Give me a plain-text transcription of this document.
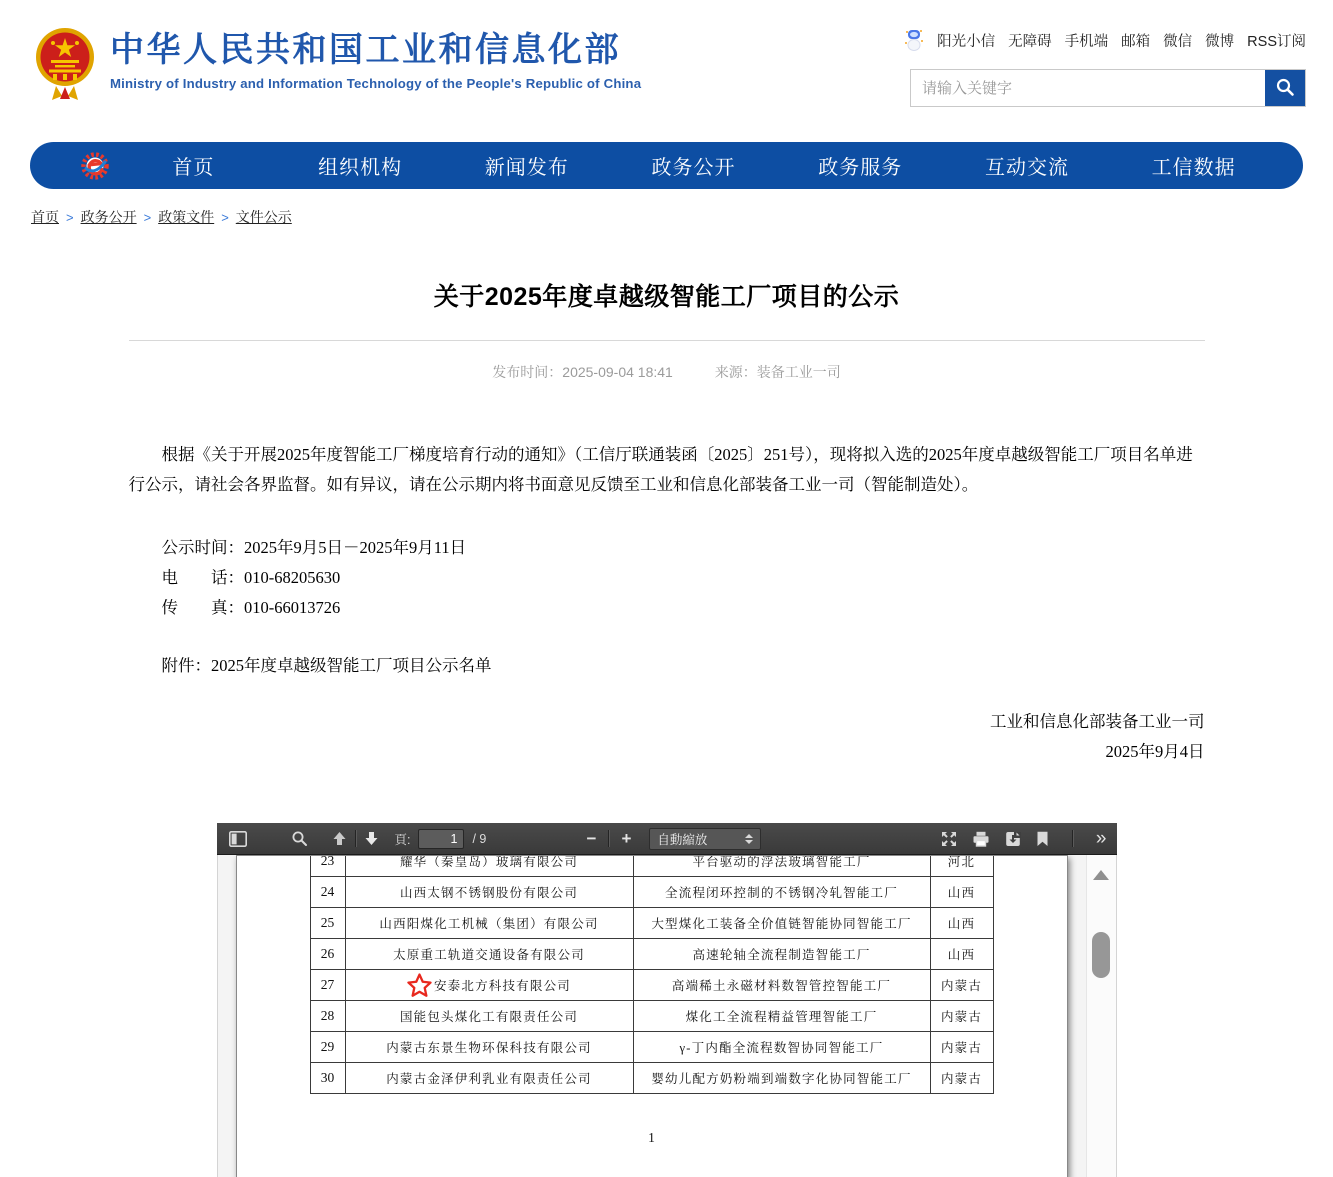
中华人民共和国工业和信息化部
Ministry of Industry and Information Technology of the People's Republic of China
阳光小信 无障碍 手机端 邮箱 微信 微博 RSS订阅
请输入关键字
首页	组织机构	新闻发布	政务公开	政务服务	互动交流	工信数据
首页 > 政务公开 > 政策文件 > 文件公示
关于2025年度卓越级智能工厂项目的公示
发布时间：2025-09-04 18:41	来源：装备工业一司

根据《关于开展2025年度智能工厂梯度培育行动的通知》（工信厅联通装函〔2025〕251号），现将拟入选的2025年度卓越级智能工厂项目名单进行公示，请社会各界监督。如有异议，请在公示期内将书面意见反馈至工业和信息化部装备工业一司（智能制造处）。

公示时间：2025年9月5日－2025年9月11日

电　　话：010-68205630

传　　真：010-66013726

附件：2025年度卓越级智能工厂项目公示名单

工业和信息化部装备工业一司
2025年9月4日
頁:
1	/ 9	− +	自動縮放	»
23	耀华（秦皇岛）玻璃有限公司	平台驱动的浮法玻璃智能工厂	河北
24	山西太钢不锈钢股份有限公司	全流程闭环控制的不锈钢冷轧智能工厂	山西
25	山西阳煤化工机械（集团）有限公司	大型煤化工装备全价值链智能协同智能工厂	山西
26	太原重工轨道交通设备有限公司	高速轮轴全流程制造智能工厂	山西
27	安泰北方科技有限公司	高端稀土永磁材料数智管控智能工厂	内蒙古
28	国能包头煤化工有限责任公司	煤化工全流程精益管理智能工厂	内蒙古
29	内蒙古东景生物环保科技有限公司	γ-丁内酯全流程数智协同智能工厂	内蒙古
30	内蒙古金泽伊利乳业有限责任公司	婴幼儿配方奶粉端到端数字化协同智能工厂	内蒙古
1
